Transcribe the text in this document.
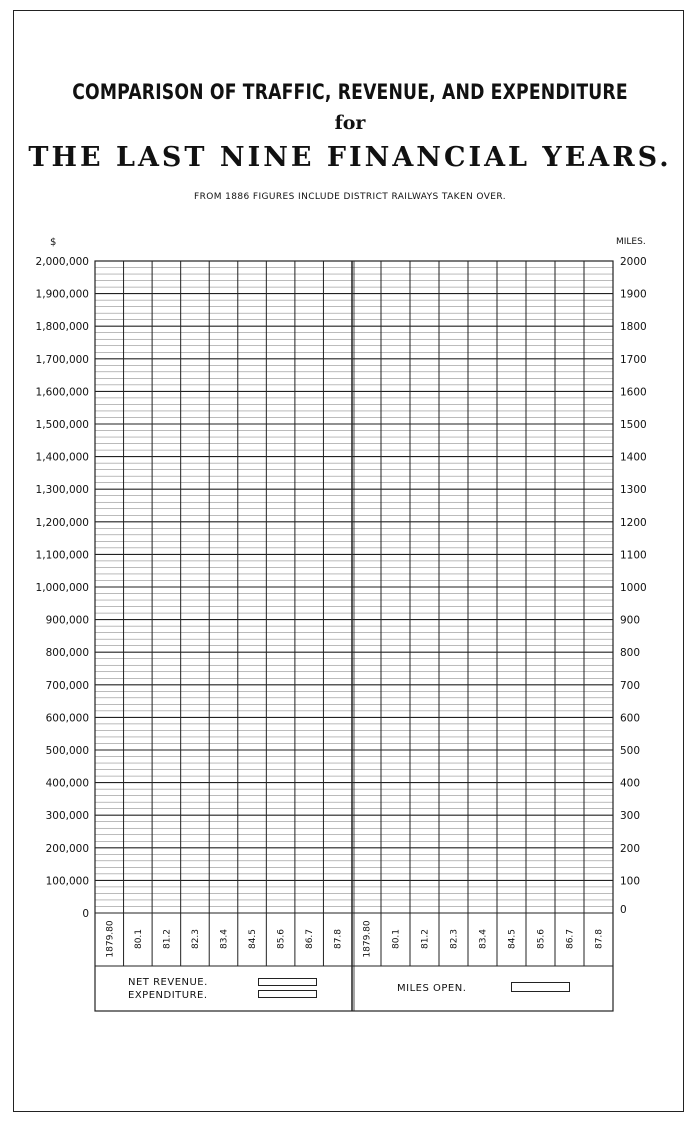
COMPARISON OF TRAFFIC, REVENUE, AND EXPENDITURE
for
THE LAST NINE FINANCIAL YEARS.
FROM 1886 FIGURES INCLUDE DISTRICT RAILWAYS TAKEN OVER.
$	MILES.
0
100,000
200,000
300,000
400,000
500,000
600,000
700,000
800,000
900,000
1,000,000
1,100,000
1,200,000
1,300,000
1,400,000
1,500,000
1,600,000
1,700,000
1,800,000
1,900,000
2,000,000
0
100
200
300
400
500
600
700
800
900
1000
1100
1200
1300
1400
1500
1600
1700
1800
1900
2000
1879.80 80.1 81.2 82.3 83.4 84.5 85.6 86.7 87.8 1879.80 80.1 81.2 82.3 83.4 84.5 85.6 86.7 87.8
NET REVENUE.
EXPENDITURE.
MILES OPEN.
